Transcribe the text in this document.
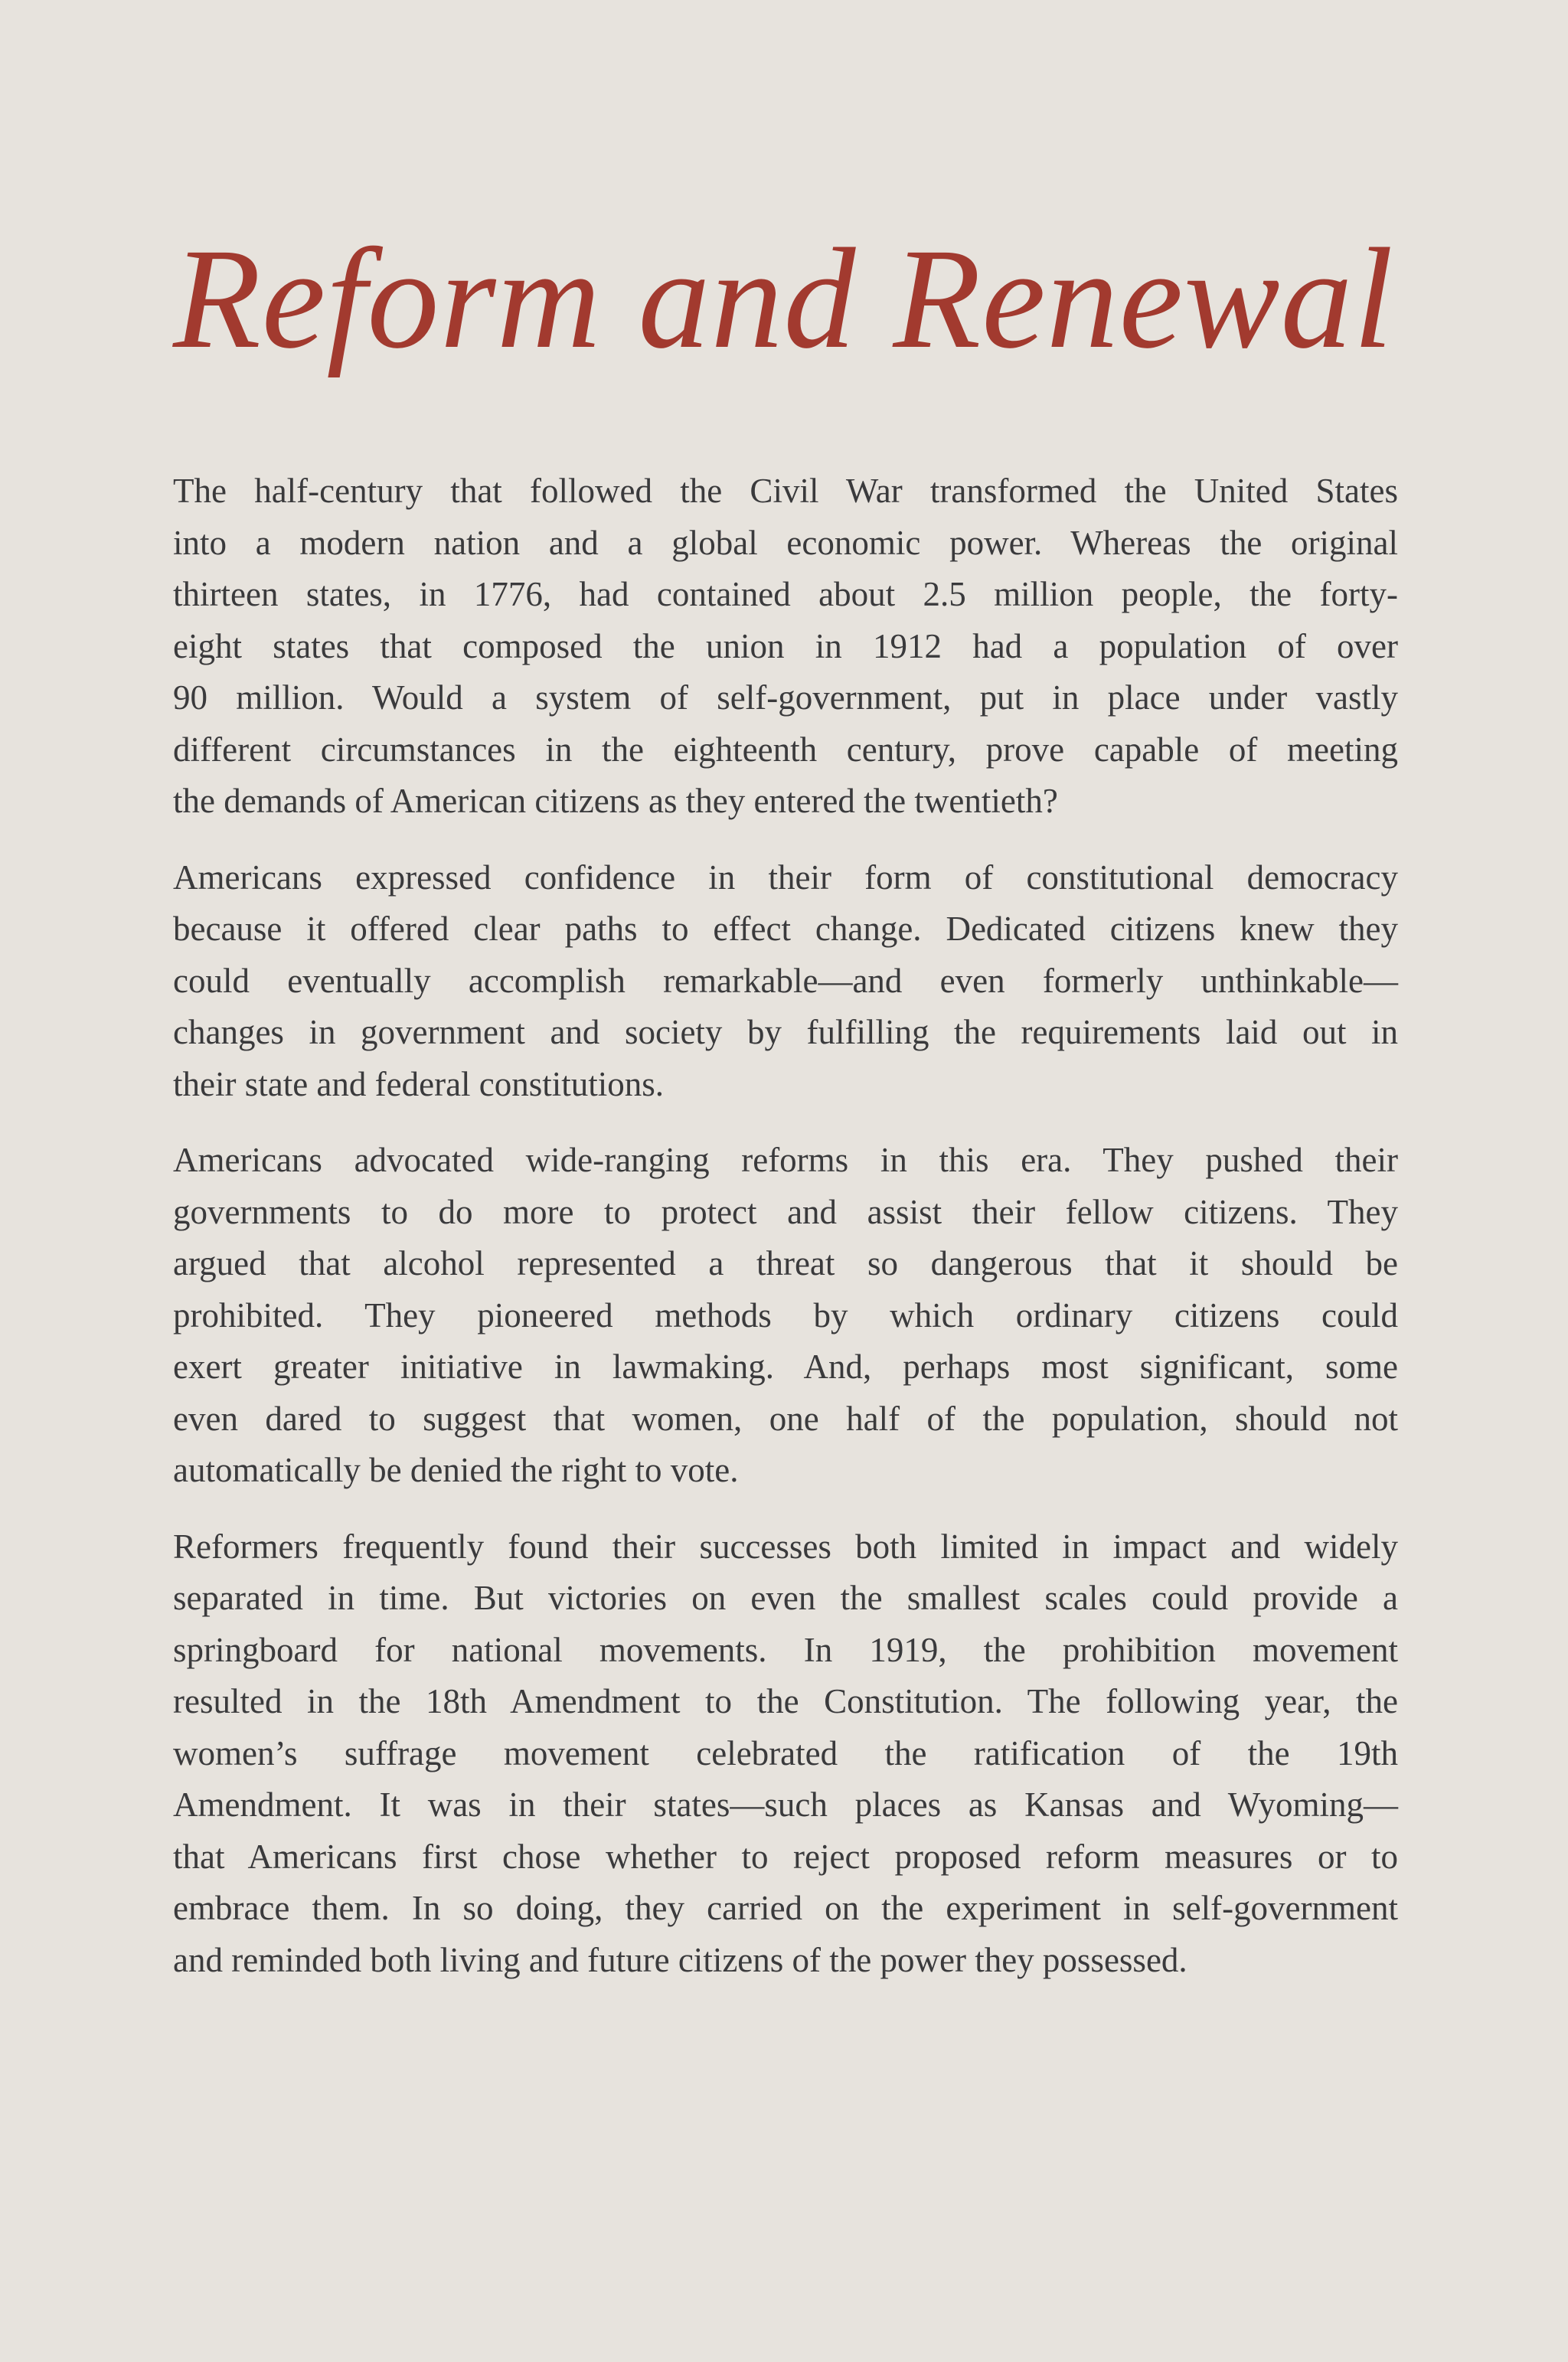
Reform and Renewal

The half-century that followed the Civil War transformed the United States
into a modern nation and a global economic power. Whereas the original
thirteen states, in 1776, had contained about 2.5 million people, the forty-
eight states that composed the union in 1912 had a population of over
90 million. Would a system of self-government, put in place under vastly
different circumstances in the eighteenth century, prove capable of meeting
the demands of American citizens as they entered the twentieth?

Americans expressed confidence in their form of constitutional democracy
because it offered clear paths to effect change. Dedicated citizens knew they
could eventually accomplish remarkable—and even formerly unthinkable—
changes in government and society by fulfilling the requirements laid out in
their state and federal constitutions.

Americans advocated wide-ranging reforms in this era. They pushed their
governments to do more to protect and assist their fellow citizens. They
argued that alcohol represented a threat so dangerous that it should be
prohibited. They pioneered methods by which ordinary citizens could
exert greater initiative in lawmaking. And, perhaps most significant, some
even dared to suggest that women, one half of the population, should not
automatically be denied the right to vote.

Reformers frequently found their successes both limited in impact and widely
separated in time. But victories on even the smallest scales could provide a
springboard for national movements. In 1919, the prohibition movement
resulted in the 18th Amendment to the Constitution. The following year, the
women’s suffrage movement celebrated the ratification of the 19th
Amendment. It was in their states—such places as Kansas and Wyoming—
that Americans first chose whether to reject proposed reform measures or to
embrace them. In so doing, they carried on the experiment in self-government
and reminded both living and future citizens of the power they possessed.
